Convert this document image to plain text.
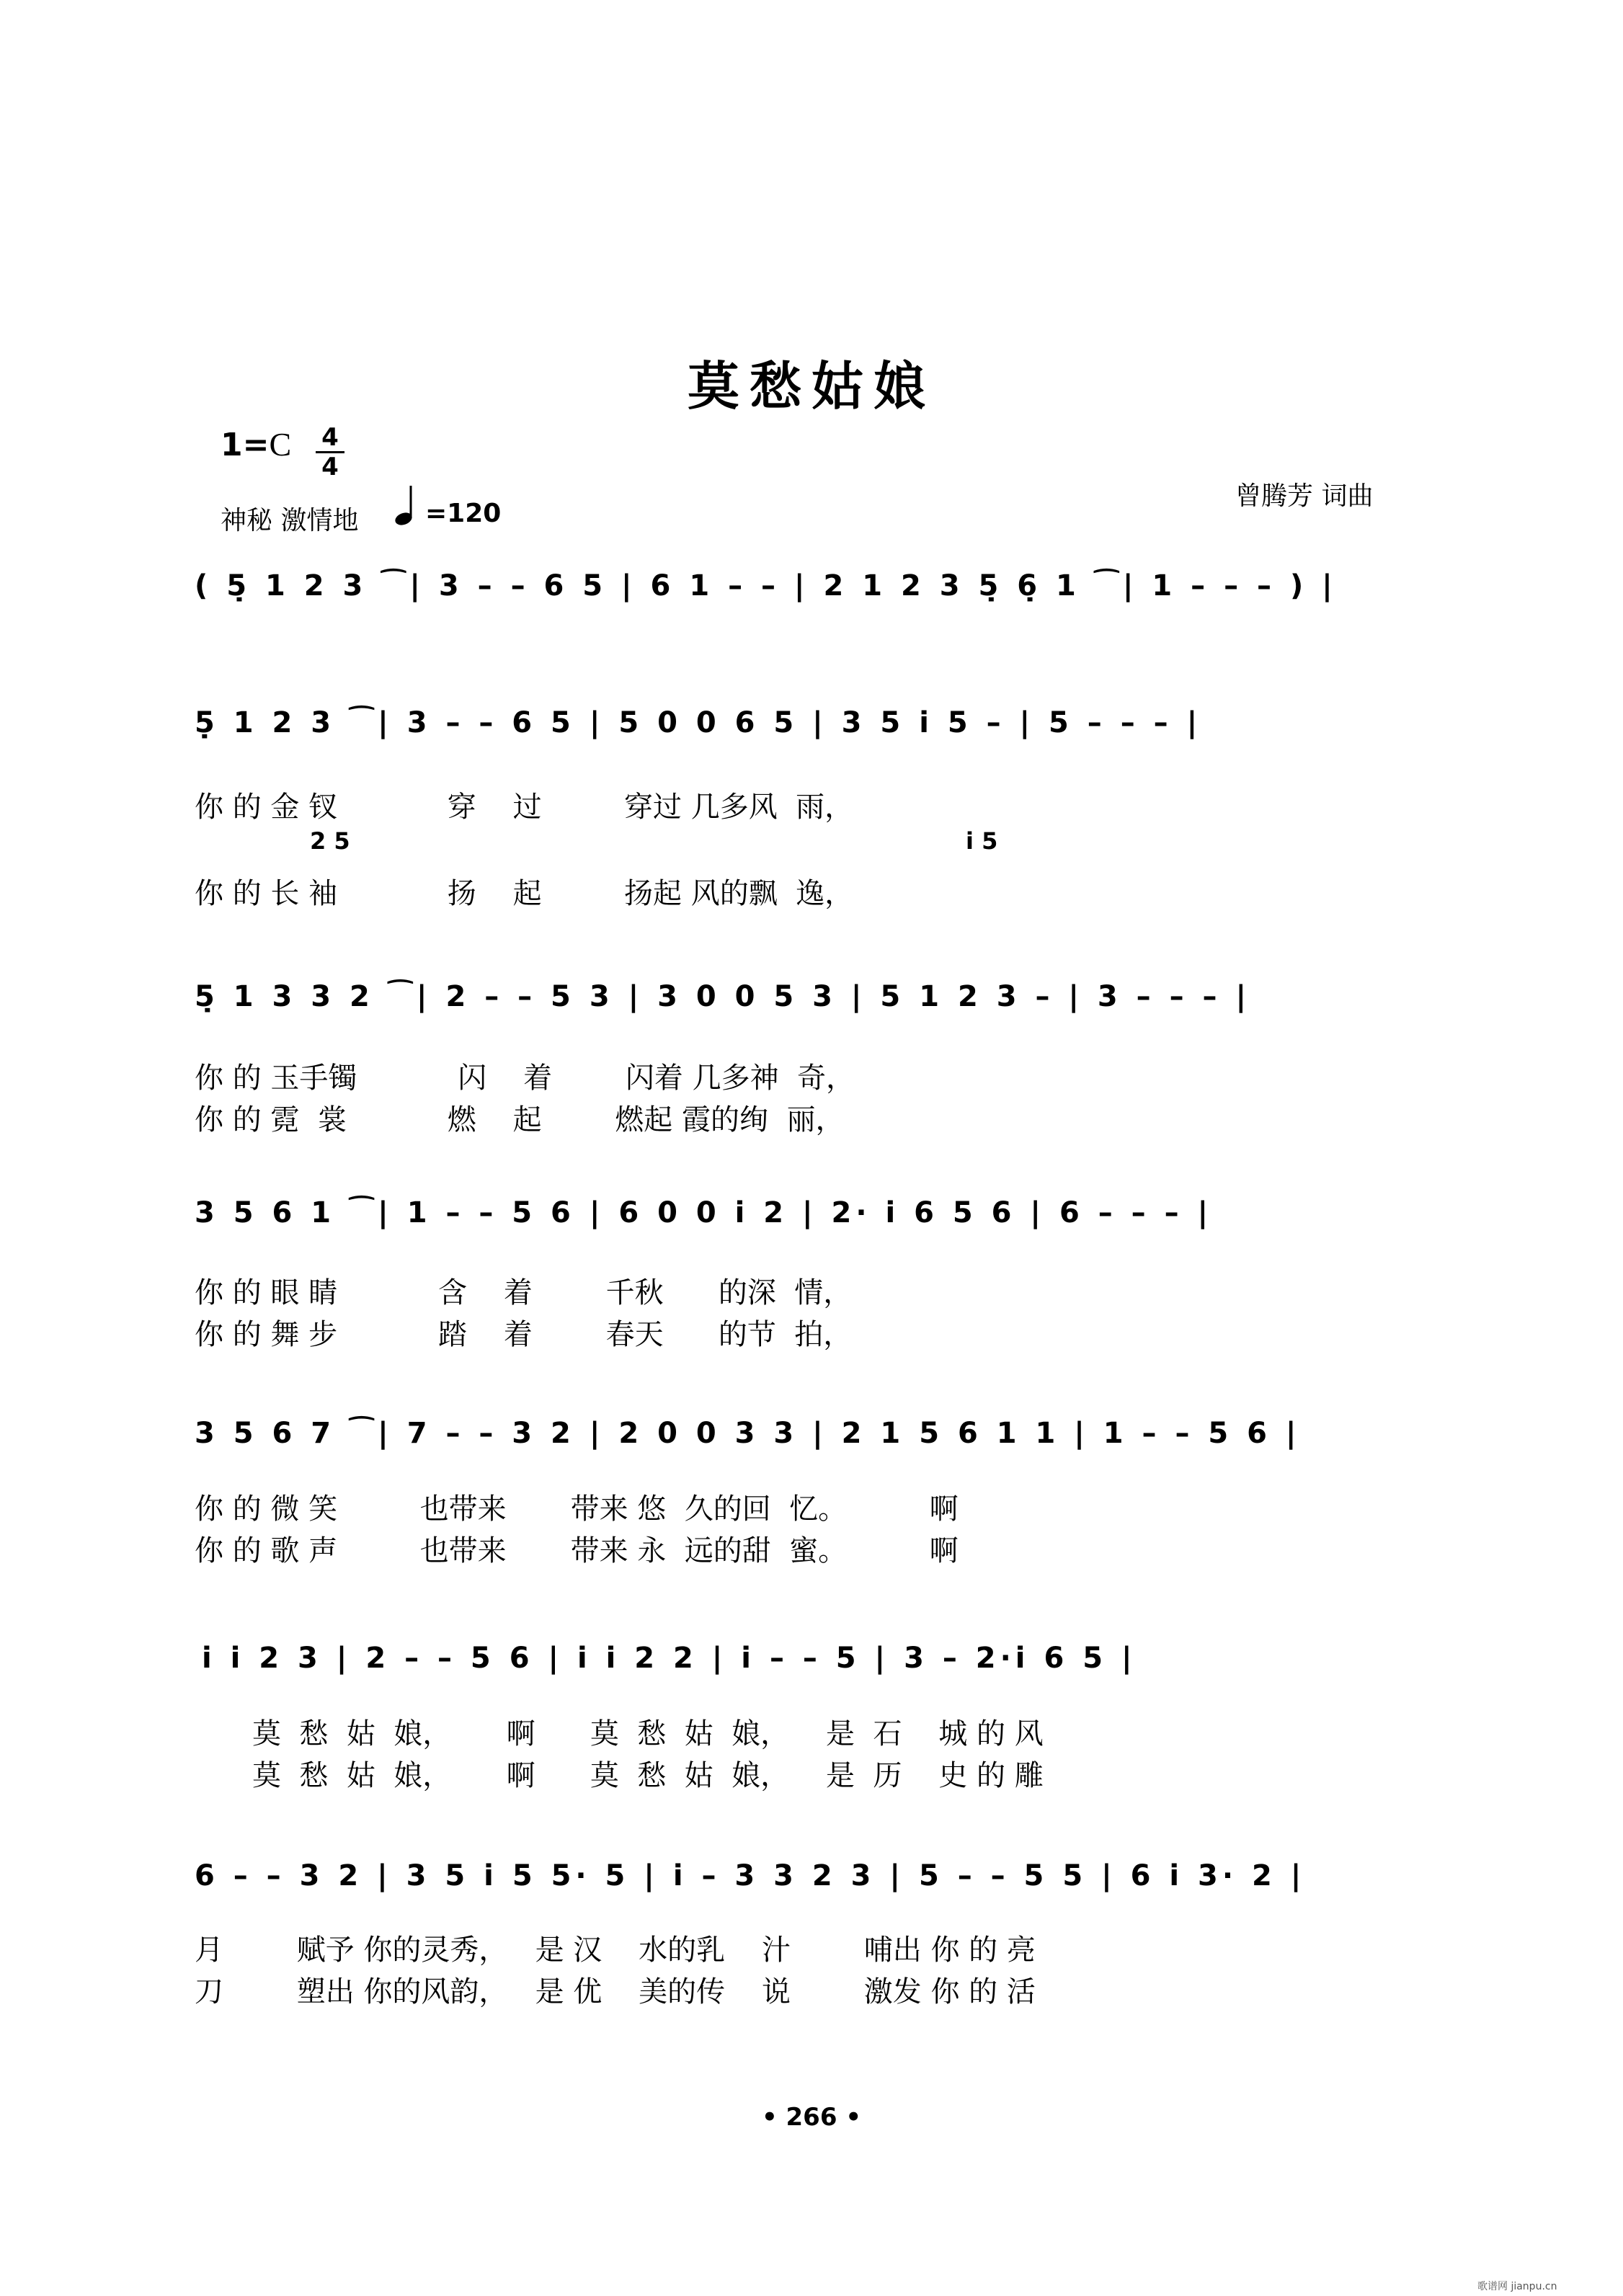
莫愁姑娘
1=C 4
4
神秘 激情地	=120
曾腾芳 词曲
( 5̣ 1 2 3 ⁀| 3 – – 6 5 | 6 1 – – | 2 1 2 3 5̣ 6̣ 1 ⁀| 1 – – – ) |
5̣ 1 2 3 ⁀| 3 – – 6 5 | 5 0 0 6 5 | 3 5 i 5 – | 5 – – – |
你 的 金 钗            穿    过         穿过 几多风  雨，
2 5	i 5
你 的 长 袖            扬    起         扬起 风的飘  逸，
5̣ 1 3 3 2 ⁀| 2 – – 5 3 | 3 0 0 5 3 | 5 1 2 3 – | 3 – – – |
你 的 玉手镯           闪    着        闪着 几多神  奇，
你 的 霓  裳           燃    起        燃起 霞的绚  丽，
3 5 6 1 ⁀| 1 – – 5 6 | 6 0 0 i 2 | 2· i 6 5 6 | 6 – – – |
你 的 眼 睛           含    着        千秋      的深  情，
你 的 舞 步           踏    着        春天      的节  拍，
3 5 6 7 ⁀| 7 – – 3 2 | 2 0 0 3 3 | 2 1 5 6 1 1 | 1 – – 5 6 |
你 的 微 笑         也带来       带来 悠  久的回  忆。         啊
你 的 歌 声         也带来       带来 永  远的甜  蜜。         啊
i i 2 3 | 2 – – 5 6 | i i 2 2 | i – – 5 | 3 – 2·i 6 5 |
莫  愁  姑  娘，      啊      莫  愁  姑  娘，    是  石    城 的 风
莫  愁  姑  娘，      啊      莫  愁  姑  娘，    是  历    史 的 雕
6 – – 3 2 | 3 5 i 5 5· 5 | i – 3 3 2 3 | 5 – – 5 5 | 6 i 3· 2 |
月        赋予 你的灵秀，   是 汉    水的乳    汁        哺出 你 的 亮
刀        塑出 你的风韵，   是 优    美的传    说        激发 你 的 活
• 266 •
歌谱网 jianpu.cn
